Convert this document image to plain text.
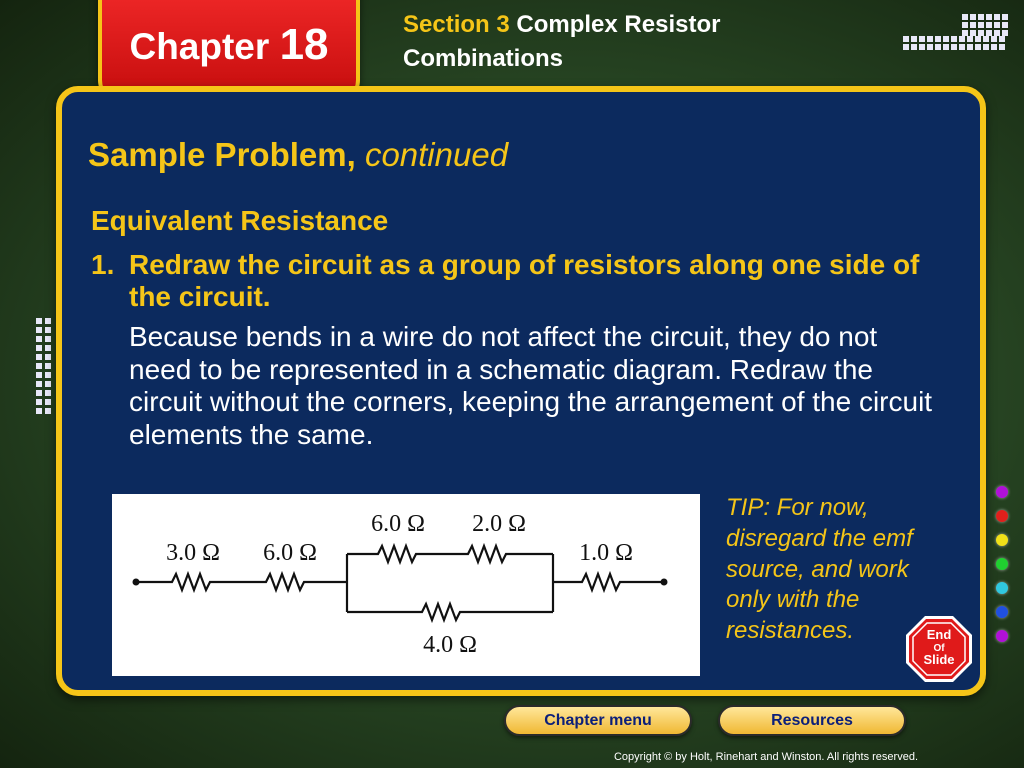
Chapter 18	Section 3 Complex Resistor Combinations
Sample Problem, continued
Equivalent Resistance

1. Redraw the circuit as a group of resistors along one side of the circuit.

Because bends in a wire do not affect the circuit, they do not need to be represented in a schematic diagram. Redraw the circuit without the corners, keeping the arrangement of the circuit elements the same.

3.0 Ω 6.0 Ω
6.0 Ω 2.0 Ω
1.0 Ω
4.0 Ω

TIP: For now, disregard the emf source, and work only with the resistances.	End
Of
Slide
Chapter menu	Resources
Copyright © by Holt, Rinehart and Winston. All rights reserved.
